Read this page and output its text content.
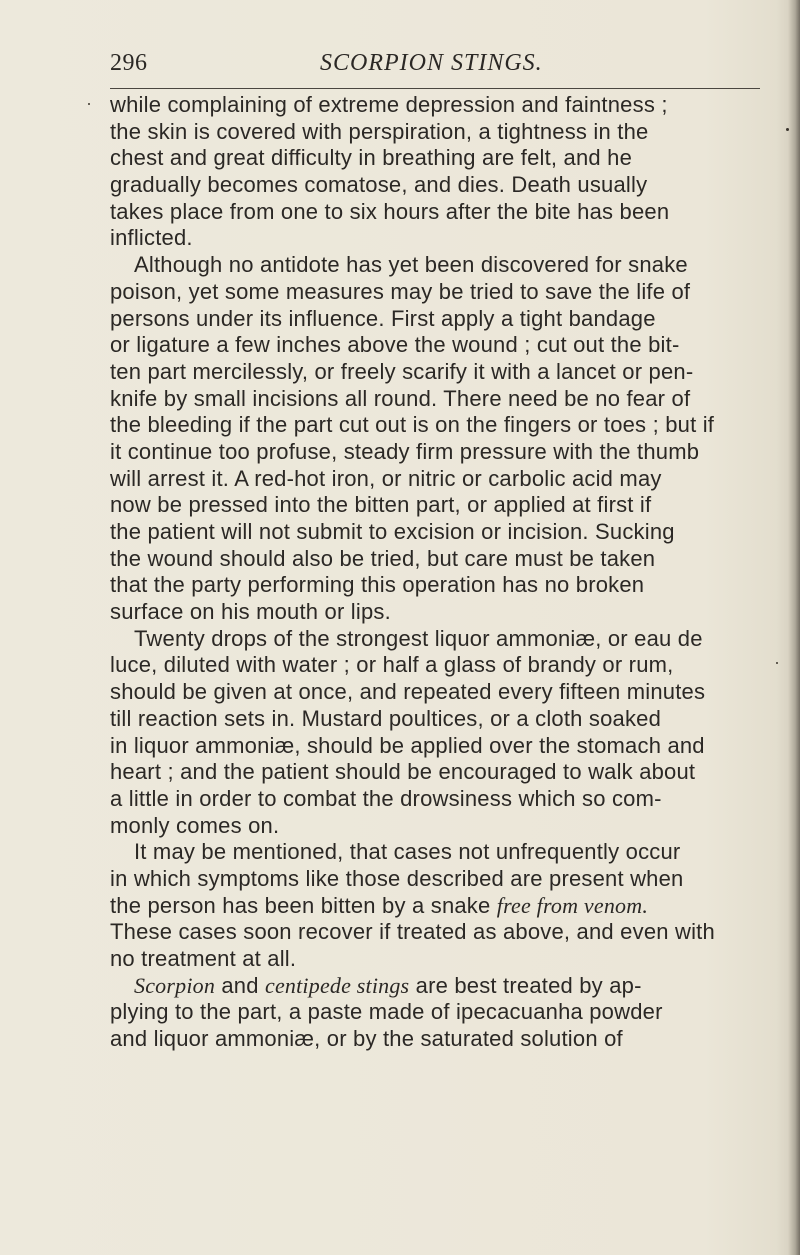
296	SCORPION STINGS.
while complaining of extreme depression and faintness ;
the skin is covered with perspiration, a tightness in the
chest and great difficulty in breathing are felt, and he
gradually becomes comatose, and dies. Death usually
takes place from one to six hours after the bite has been
inflicted.
Although no antidote has yet been discovered for snake
poison, yet some measures may be tried to save the life of
persons under its influence. First apply a tight bandage
or ligature a few inches above the wound ; cut out the bit-
ten part mercilessly, or freely scarify it with a lancet or pen-
knife by small incisions all round. There need be no fear of
the bleeding if the part cut out is on the fingers or toes ; but if
it continue too profuse, steady firm pressure with the thumb
will arrest it. A red-hot iron, or nitric or carbolic acid may
now be pressed into the bitten part, or applied at first if
the patient will not submit to excision or incision. Sucking
the wound should also be tried, but care must be taken
that the party performing this operation has no broken
surface on his mouth or lips.
Twenty drops of the strongest liquor ammoniæ, or eau de
luce, diluted with water ; or half a glass of brandy or rum,
should be given at once, and repeated every fifteen minutes
till reaction sets in. Mustard poultices, or a cloth soaked
in liquor ammoniæ, should be applied over the stomach and
heart ; and the patient should be encouraged to walk about
a little in order to combat the drowsiness which so com-
monly comes on.
It may be mentioned, that cases not unfrequently occur
in which symptoms like those described are present when
the person has been bitten by a snake free from venom.
These cases soon recover if treated as above, and even with
no treatment at all.
Scorpion and centipede stings are best treated by ap-
plying to the part, a paste made of ipecacuanha powder
and liquor ammoniæ, or by the saturated solution of
